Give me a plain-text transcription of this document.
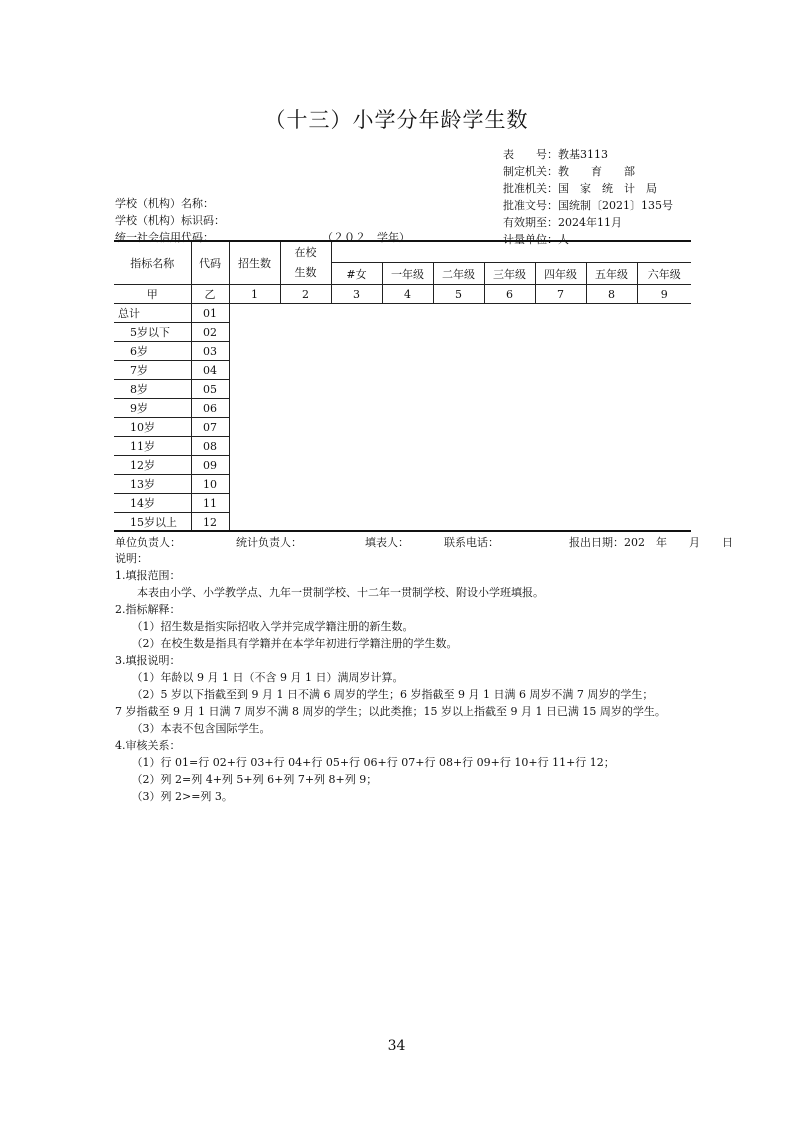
（十三）小学分年龄学生数
表　　号：教基3113
制定机关：教　　育　　部
批准机关：国　家　统　计　局
批准文号：国统制〔2021〕135号
有效期至：2024年11月
计量单位：人
学校（机构）名称：
学校（机构）标识码：
统一社会信用代码：	（２０２　学年）
指标名称	代码	招生数	在校生数							
				#女	一年级	二年级	三年级	四年级	五年级	六年级
甲	乙	1	2	3	4	5	6	7	8	9
总计	01									
5岁以下	02									
6岁	03									
7岁	04									
8岁	05									
9岁	06									
10岁	07									
11岁	08									
12岁	09									
13岁	10									
14岁	11									
15岁以上	12									
单位负责人：	统计负责人：	填表人：	联系电话：	报出日期：202　年　　月　　日
说明：
1.填报范围：
　　本表由小学、小学教学点、九年一贯制学校、十二年一贯制学校、附设小学班填报。
2.指标解释：
　　（1）招生数是指实际招收入学并完成学籍注册的新生数。
　　（2）在校生数是指具有学籍并在本学年初进行学籍注册的学生数。
3.填报说明：
　　（1）年龄以 9 月 1 日（不含 9 月 1 日）满周岁计算。
　　（2）5 岁以下指截至到 9 月 1 日不满 6 周岁的学生；6 岁指截至 9 月 1 日满 6 周岁不满 7 周岁的学生；
7 岁指截至 9 月 1 日满 7 周岁不满 8 周岁的学生；以此类推；15 岁以上指截至 9 月 1 日已满 15 周岁的学生。
　　（3）本表不包含国际学生。
4.审核关系：
　　（1）行 01=行 02+行 03+行 04+行 05+行 06+行 07+行 08+行 09+行 10+行 11+行 12；
　　（2）列 2=列 4+列 5+列 6+列 7+列 8+列 9；
　　（3）列 2>=列 3。
34
